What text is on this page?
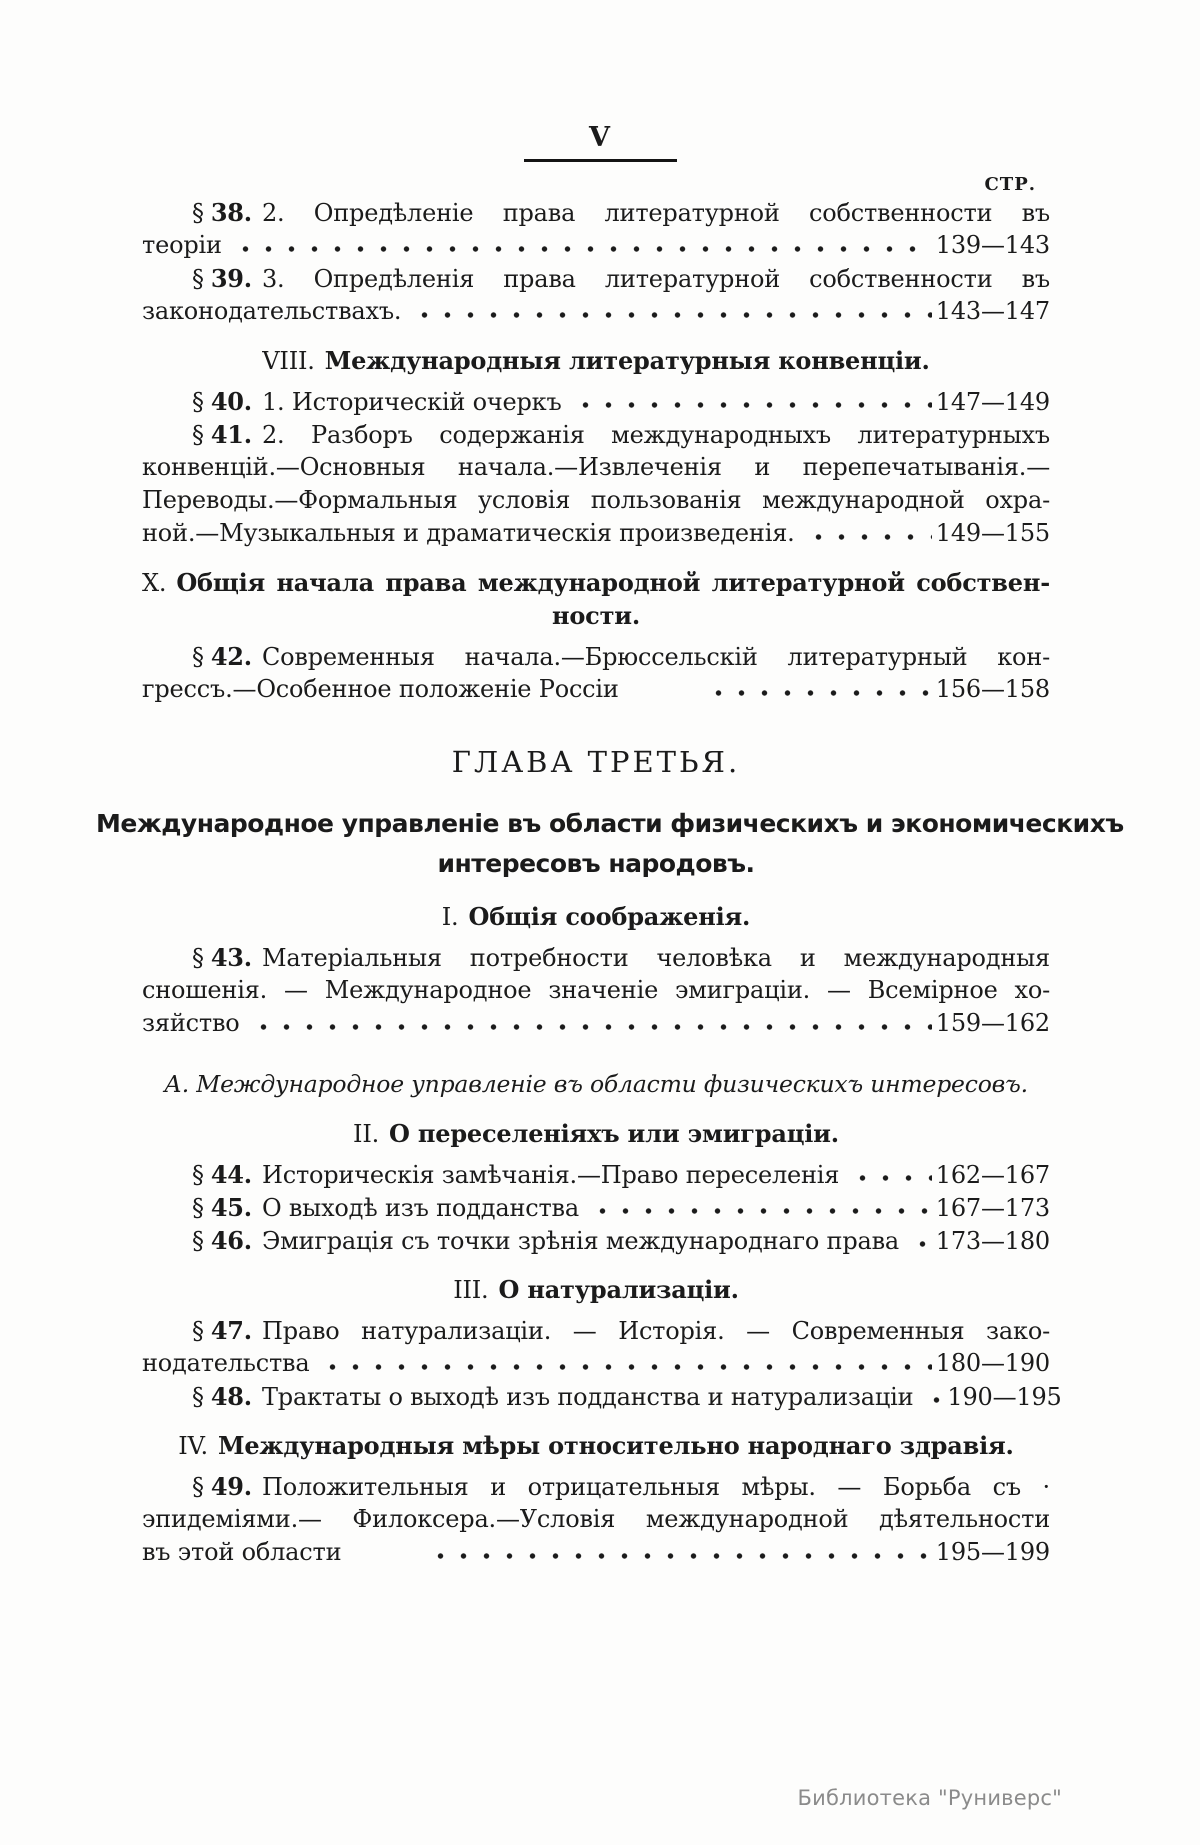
V
СТР.
§ 38. 2. Опредѣленіе права литературной собственности въ
теоріи	139—143
§ 39. 3. Опредѣленія права литературной собственности въ
законодательствахъ.	143—147
VIII. Международныя литературныя конвенціи.
§ 40. 1. Историческій очеркъ	147—149
§ 41. 2. Разборъ содержанія международныхъ литературныхъ
конвенцій.—Основныя начала.—Извлеченія и перепечатыванія.—
Переводы.—Формальныя условія пользованія международной охра-
ной.—Музыкальныя и драматическія произведенія.	149—155
X. Общія начала права международной литературной собствен-
ности.
§ 42. Современныя начала.—Брюссельскій литературный кон-
грессъ.—Особенное положеніе Россіи	156—158
ГЛАВА ТРЕТЬЯ.
Международное управленіе въ области физическихъ и экономическихъ
интересовъ народовъ.
I. Общія соображенія.
§ 43. Матеріальныя потребности человѣка и международныя
сношенія. — Международное значеніе эмиграціи. — Всемірное хо-
зяйство	159—162
А. Международное управленіе въ области физическихъ интересовъ.
II. О переселеніяхъ или эмиграціи.
§ 44. Историческія замѣчанія.—Право переселенія	162—167
§ 45. О выходѣ изъ подданства	167—173
§ 46. Эмиграція съ точки зрѣнія международнаго права 173—180
III. О натурализаціи.
§ 47. Право натурализаціи. — Исторія. — Современныя зако-
нодательства	180—190
§ 48. Трактаты о выходѣ изъ подданства и натурализаціи 190—195
IV. Международныя мѣры относительно народнаго здравія.
§ 49. Положительныя и отрицательныя мѣры. — Борьба съ ·
эпидеміями.— Филоксера.—Условія международной дѣятельности
въ этой области	195—199
Библиотека "Руниверс"
